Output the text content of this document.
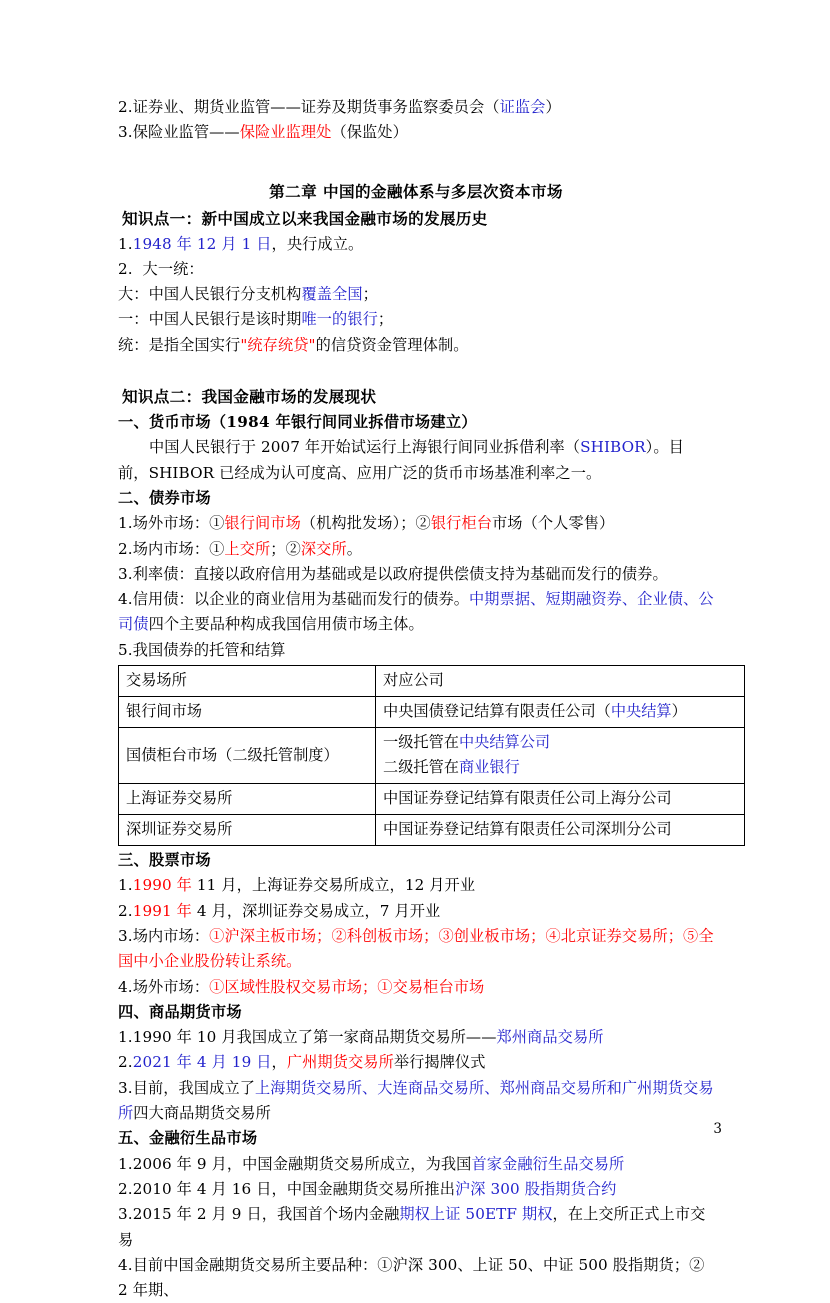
2.证券业、期货业监管——证券及期货事务监察委员会（证监会）
3.保险业监管——保险业监理处（保监处）
第二章 中国的金融体系与多层次资本市场
知识点一：新中国成立以来我国金融市场的发展历史
1.1948 年 12 月 1 日，央行成立。
2.  大一统：
大：中国人民银行分支机构覆盖全国；
一：中国人民银行是该时期唯一的银行；
统：是指全国实行"统存统贷"的信贷资金管理体制。
知识点二：我国金融市场的发展现状
一、货币市场（1984 年银行间同业拆借市场建立）
中国人民银行于 2007 年开始试运行上海银行间同业拆借利率（SHIBOR）。目前，SHIBOR 已经成为认可度高、应用广泛的货币市场基准利率之一。
二、债券市场
1.场外市场：①银行间市场（机构批发场）；②银行柜台市场（个人零售）
2.场内市场：①上交所；②深交所。
3.利率债：直接以政府信用为基础或是以政府提供偿债支持为基础而发行的债券。
4.信用债：以企业的商业信用为基础而发行的债券。中期票据、短期融资券、企业债、公司债四个主要品种构成我国信用债市场主体。
5.我国债券的托管和结算
交易场所	对应公司
银行间市场	中央国债登记结算有限责任公司（中央结算）

国债柜台市场（二级托管制度）	一级托管在中央结算公司
二级托管在商业银行

上海证券交易所	中国证券登记结算有限责任公司上海分公司

深圳证券交易所	中国证券登记结算有限责任公司深圳分公司
三、股票市场
1.1990 年 11 月，上海证券交易所成立，12 月开业
2.1991 年 4 月，深圳证券交易成立，7 月开业
3.场内市场：①沪深主板市场；②科创板市场；③创业板市场；④北京证券交易所；⑤全国中小企业股份转让系统。
4.场外市场：①区域性股权交易市场；①交易柜台市场
四、商品期货市场
1.1990 年 10 月我国成立了第一家商品期货交易所——郑州商品交易所
2.2021 年 4 月 19 日，广州期货交易所举行揭牌仪式
3.目前，我国成立了上海期货交易所、大连商品交易所、郑州商品交易所和广州期货交易所四大商品期货交易所
五、金融衍生品市场
1.2006 年 9 月，中国金融期货交易所成立，为我国首家金融衍生品交易所
2.2010 年 4 月 16 日，中国金融期货交易所推出沪深 300 股指期货合约
3.2015 年 2 月 9 日，我国首个场内金融期权上证 50ETF 期权，在上交所正式上市交易
4.目前中国金融期货交易所主要品种：①沪深 300、上证 50、中证 500 股指期货；②2 年期、
3
